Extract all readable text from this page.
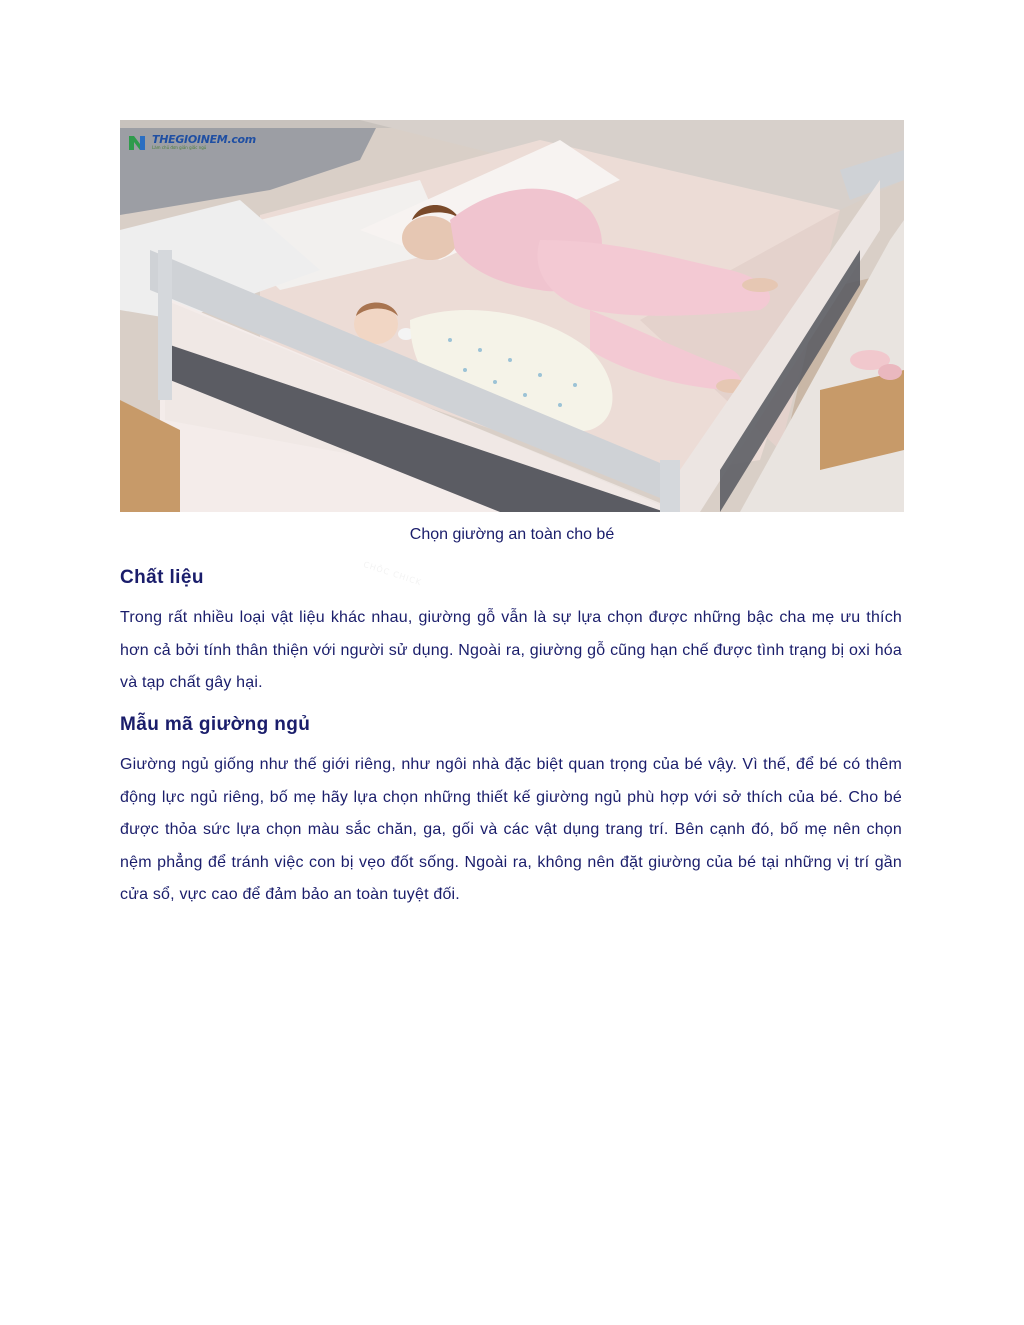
THEGIOINEM.com
Làm chủ đơn giản giấc ngủ
CHÔC CHICK
Chọn giường an toàn cho bé
Chất liệu

Trong rất nhiều loại vật liệu khác nhau, giường gỗ vẫn là sự lựa chọn được những bậc cha mẹ ưu thích hơn cả bởi tính thân thiện với người sử dụng. Ngoài ra, giường gỗ cũng hạn chế được tình trạng bị oxi hóa và tạp chất gây hại.

Mẫu mã giường ngủ

Giường ngủ giống như thế giới riêng, như ngôi nhà đặc biệt quan trọng của bé vậy. Vì thế, để bé có thêm động lực ngủ riêng, bố mẹ hãy lựa chọn những thiết kế giường ngủ phù hợp với sở thích của bé. Cho bé được thỏa sức lựa chọn màu sắc chăn, ga, gối và các vật dụng trang trí. Bên cạnh đó, bố mẹ nên chọn nệm phẳng để tránh việc con bị vẹo đốt sống. Ngoài ra, không nên đặt giường của bé tại những vị trí gần cửa sổ, vực cao để đảm bảo an toàn tuyệt đối.
